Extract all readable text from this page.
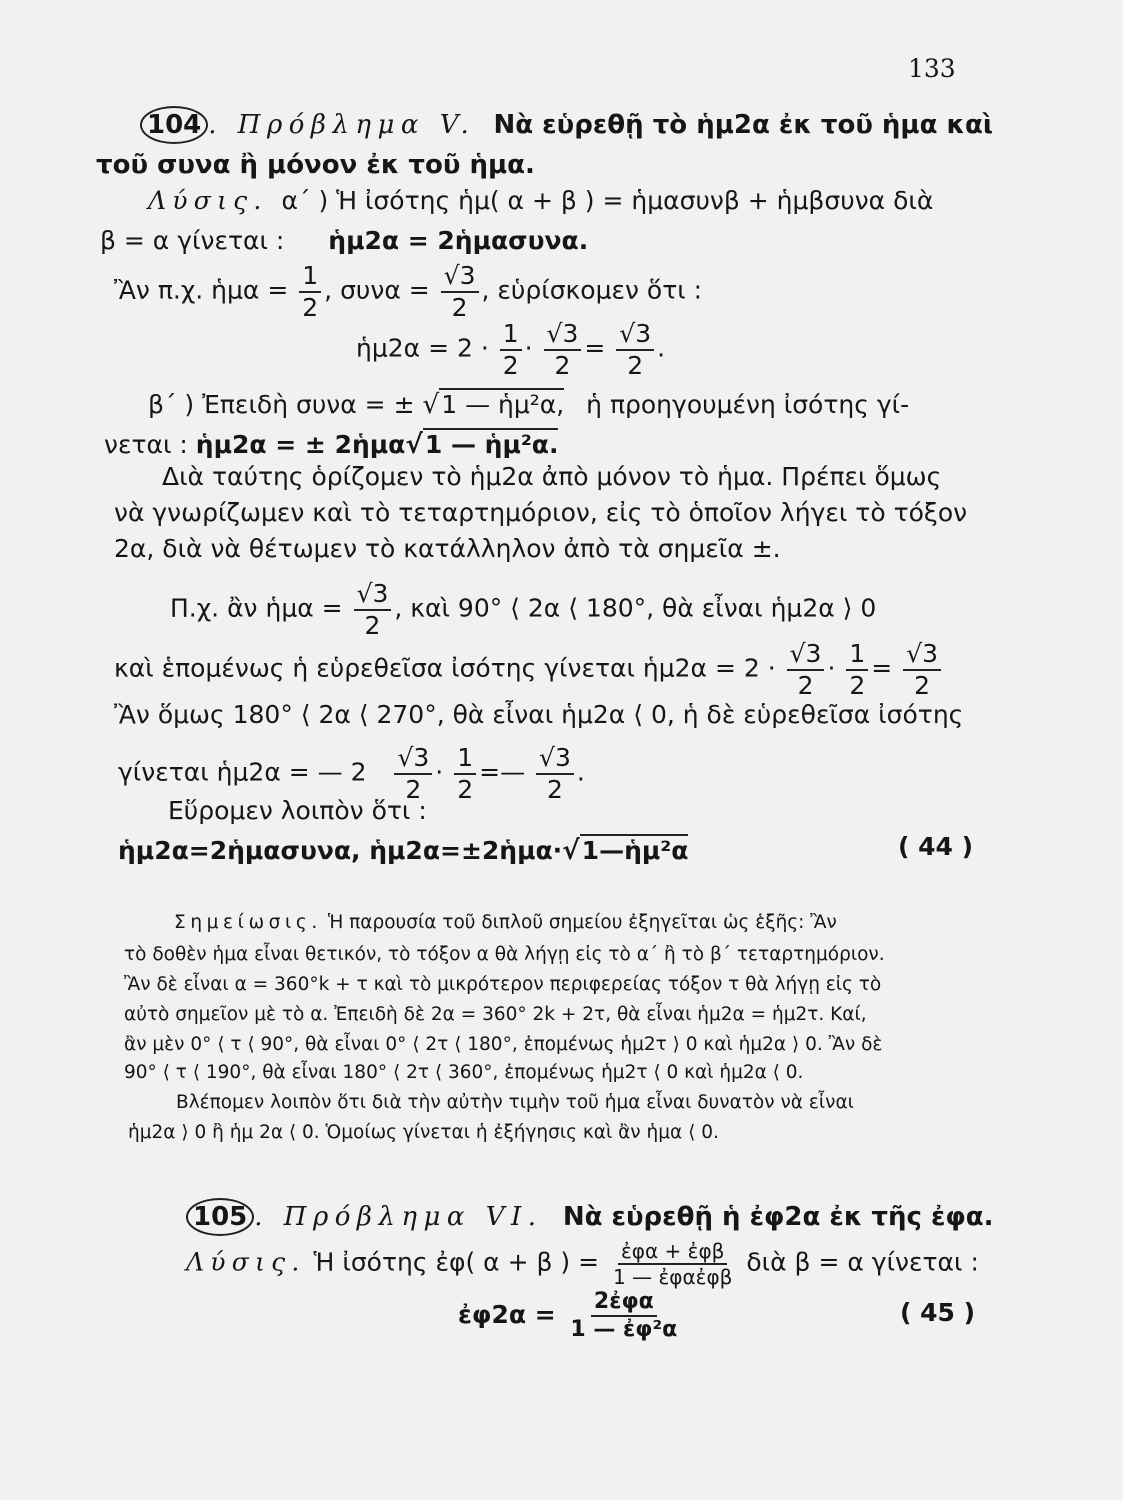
133
104 . Πρόβλημα V. Νὰ εὑρεθῇ τὸ ἡμ2α ἐκ τοῦ ἡμα καὶ
τοῦ συνα ἢ μόνον ἐκ τοῦ ἡμα.
Λύσις. α΄ ) Ἡ ἰσότης ἡμ( α + β ) = ἡμασυνβ + ἡμβσυνα διὰ
β = α γίνεται : ἡμ2α = 2ἡμασυνα.
Ἂν π.χ. ἡμα = $\frac{1}{2}$ , $\sigma\upsilon\nu\alpha = \frac{√3}{2}$ , εὑρίσκομεν ὅτι :
ἡμ2α = $2 \cdot \frac{1}{2} \cdot \frac{√3}{2} = \frac{√3}{2}$ .
β΄ ) Ἐπειδὴ συνα = ± √1 — ἡμ²α, ἡ προηγουμένη ἰσότης γί-
νεται : ἡμ2α = ± 2ἡμα√1 — ἡμ²α.
Διὰ ταύτης ὁρίζομεν τὸ ἡμ2α ἀπὸ μόνον τὸ ἡμα. Πρέπει ὅμως
νὰ γνωρίζωμεν καὶ τὸ τεταρτημόριον, εἰς τὸ ὁποῖον λήγει τὸ τόξον
2α, διὰ νὰ θέτωμεν τὸ κατάλληλον ἀπὸ τὰ σημεῖα ±.
Π.χ. ἂν ἡμα = $\frac{√3}{2}$ , καὶ 90° ⟨ 2α ⟨ 180°, θὰ εἶναι ἡμ2α ⟩ 0
καὶ ἑπομένως ἡ εὑρεθεῖσα ἰσότης γίνεται ἡμ2α = $2 \cdot \frac{√3}{2} \cdot \frac{1}{2} = \frac{√3}{2}$
Ἂν ὅμως 180° ⟨ 2α ⟨ 270°, θὰ εἶναι ἡμ2α ⟨ 0, ἡ δὲ εὑρεθεῖσα ἰσότης
γίνεται ἡμ2α = — $2 \frac{√3}{2} \cdot \frac{1}{2}$ =— $\frac{√3}{2}$ .
Εὕρομεν λοιπὸν ὅτι :
ἡμ2α=2ἡμασυνα, ἡμ2α=±2ἡμα·√1—ἡμ²α	( 44 )
Σημείωσις. Ἡ παρουσία τοῦ διπλοῦ σημείου ἐξηγεῖται ὡς ἑξῆς: Ἂν
τὸ δοθὲν ἡμα εἶναι θετικόν, τὸ τόξον α θὰ λήγῃ εἰς τὸ α΄ ἢ τὸ β΄ τεταρτημόριον.
Ἂν δὲ εἶναι α = 360°k + τ καὶ τὸ μικρότερον περιφερείας τόξον τ θὰ λήγῃ εἰς τὸ
αὐτὸ σημεῖον μὲ τὸ α. Ἐπειδὴ δὲ 2α = 360° 2k + 2τ, θὰ εἶναι ἡμ2α = ἡμ2τ. Καί,
ἂν μὲν 0° ⟨ τ ⟨ 90°, θὰ εἶναι 0° ⟨ 2τ ⟨ 180°, ἑπομένως ἡμ2τ ⟩ 0 καὶ ἡμ2α ⟩ 0. Ἂν δὲ
90° ⟨ τ ⟨ 190°, θὰ εἶναι 180° ⟨ 2τ ⟨ 360°, ἑπομένως ἡμ2τ ⟨ 0 καὶ ἡμ2α ⟨ 0.
Βλέπομεν λοιπὸν ὅτι διὰ τὴν αὐτὴν τιμὴν τοῦ ἡμα εἶναι δυνατὸν νὰ εἶναι
ἡμ2α ⟩ 0 ἢ ἡμ 2α ⟨ 0. Ὁμοίως γίνεται ἡ ἐξήγησις καὶ ἂν ἡμα ⟨ 0.
105 . Πρόβλημα VI. Νὰ εὑρεθῇ ἡ ἐφ2α ἐκ τῆς ἐφα.
Λύσις. Ἡ ἰσότης ἐφ( α + β ) = $\frac{\text{ἐφα + ἐφβ}}{\text{1 — ἐφαἐφβ}}$ διὰ β = α γίνεται :
ἐφ2α = $\frac{\text{2ἐφα}}{\text{1 — ἐφ²α}}$	( 45 )
